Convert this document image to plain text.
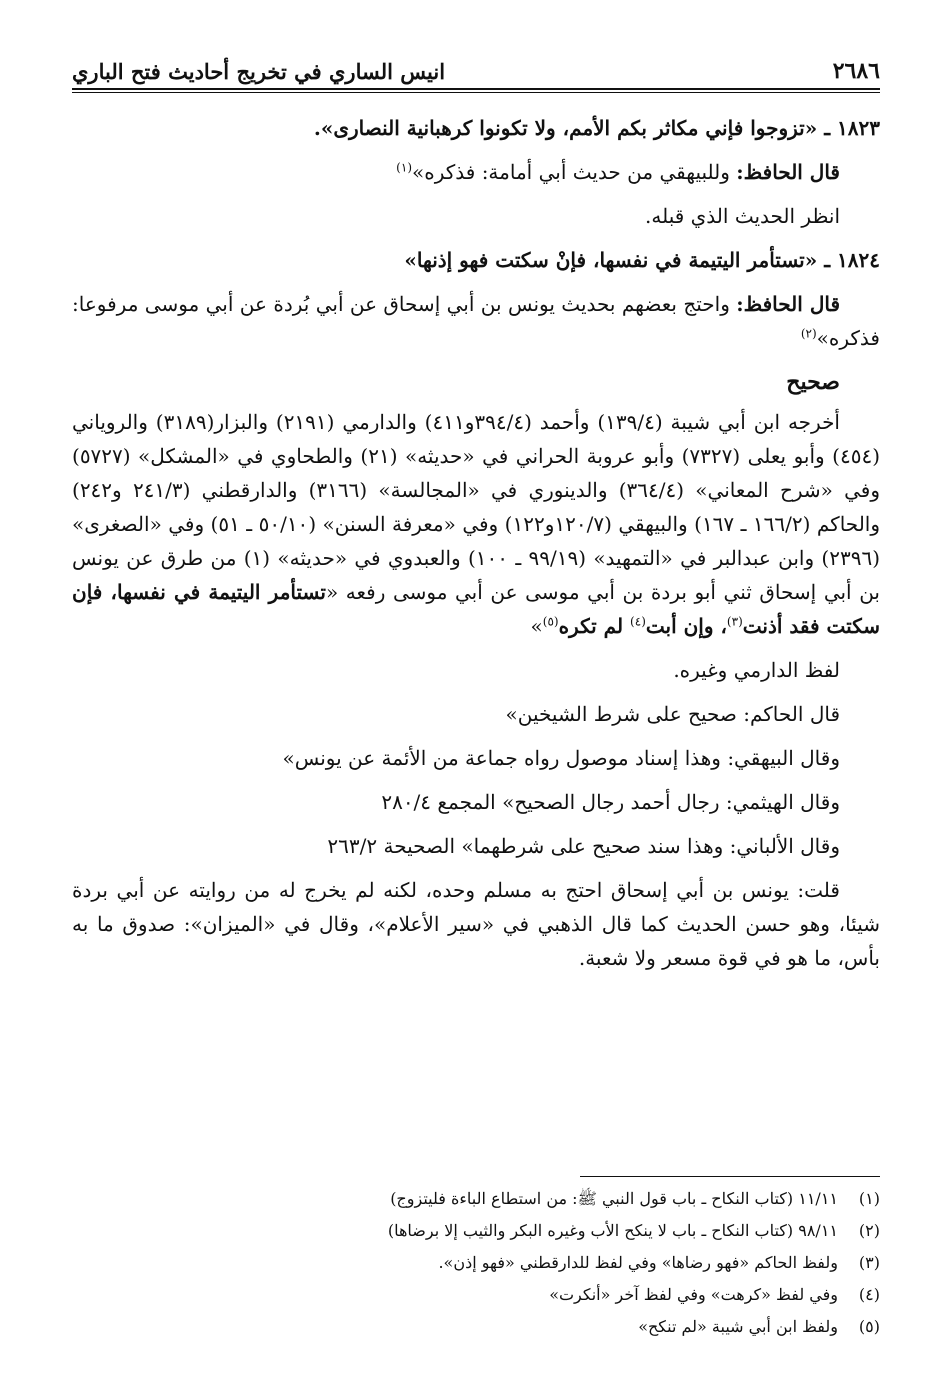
٢٦٨٦
انيس الساري في تخريج أحاديث فتح الباري

١٨٢٣ ـ «تزوجوا فإني مكاثر بكم الأمم، ولا تكونوا كرهبانية النصارى».

قال الحافظ: وللبيهقي من حديث أبي أمامة: فذكره»$^{(١)}$

انظر الحديث الذي قبله.

١٨٢٤ ـ «تستأمر اليتيمة في نفسها، فإنْ سكتت فهو إذنها»

قال الحافظ: واحتج بعضهم بحديث يونس بن أبي إسحاق عن أبي بُردة عن أبي موسى مرفوعا: فذكره»$^{(٢)}$

صحيح

أخرجه ابن أبي شيبة (١٣٩/٤) وأحمد (٣٩٤/٤و٤١١) والدارمي (٢١٩١) والبزار(٣١٨٩) والروياني (٤٥٤) وأبو يعلى (٧٣٢٧) وأبو عروبة الحراني في «حديثه» (٢١) والطحاوي في «المشكل» (٥٧٢٧) وفي «شرح المعاني» (٣٦٤/٤) والدينوري في «المجالسة» (٣١٦٦) والدارقطني (٢٤١/٣ و٢٤٢) والحاكم (١٦٦/٢ ـ ١٦٧) والبيهقي (١٢٠/٧و١٢٢) وفي «معرفة السنن» (٥٠/١٠ ـ ٥١) وفي «الصغرى» (٢٣٩٦) وابن عبدالبر في «التمهيد» (٩٩/١٩ ـ ١٠٠) والعبدوي في «حديثه» (١) من طرق عن يونس بن أبي إسحاق ثني أبو بردة بن أبي موسى عن أبي موسى رفعه «تستأمر اليتيمة في نفسها، فإن سكتت فقد أذنت$^{(٣)}$، وإن أبت$^{(٤)}$ لم تكره$^{(٥)}$»

لفظ الدارمي وغيره.

قال الحاكم: صحيح على شرط الشيخين»

وقال البيهقي: وهذا إسناد موصول رواه جماعة من الأئمة عن يونس»

وقال الهيثمي: رجال أحمد رجال الصحيح» المجمع ٢٨٠/٤

وقال الألباني: وهذا سند صحيح على شرطهما» الصحيحة ٢٦٣/٢

قلت: يونس بن أبي إسحاق احتج به مسلم وحده، لكنه لم يخرج له من روايته عن أبي بردة شيئا، وهو حسن الحديث كما قال الذهبي في «سير الأعلام»، وقال في «الميزان»: صدوق ما به بأس، ما هو في قوة مسعر ولا شعبة.

(١)
١١/١١ (كتاب النكاح ـ باب قول النبي ﷺ: من استطاع الباءة فليتزوج)
(٢)
٩٨/١١ (كتاب النكاح ـ باب لا ينكح الأب وغيره البكر والثيب إلا برضاها)
(٣)
ولفظ الحاكم «فهو رضاها» وفي لفظ للدارقطني «فهو إذن».
(٤)
وفي لفظ «كرهت» وفي لفظ آخر «أنكرت»
(٥)
ولفظ ابن أبي شيبة «لم تنكح»
